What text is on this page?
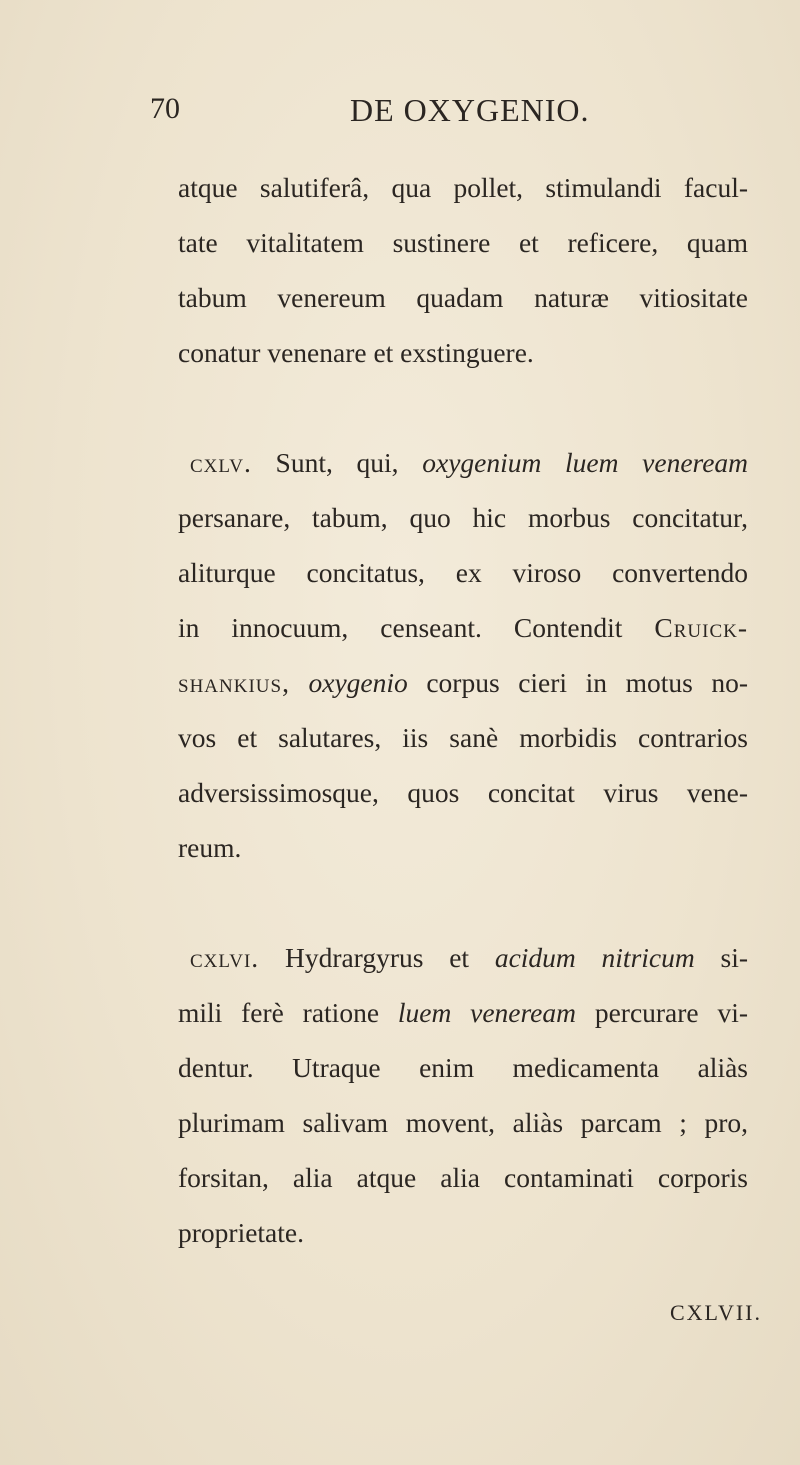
70	DE OXYGENIO.

atque salutiferâ, qua pollet, stimulandi facul-
tate vitalitatem sustinere et reficere, quam
tabum venereum quadam naturæ vitiositate
conatur venenare et exstinguere.

cxlv. Sunt, qui, oxygenium luem veneream
persanare, tabum, quo hic morbus concitatur,
aliturque concitatus, ex viroso convertendo
in innocuum, censeant. Contendit Cruick-
shankius, oxygenio corpus cieri in motus no-
vos et salutares, iis sanè morbidis contrarios
adversissimosque, quos concitat virus vene-
reum.

cxlvi. Hydrargyrus et acidum nitricum si-
mili ferè ratione luem veneream percurare vi-
dentur. Utraque enim medicamenta aliàs
plurimam salivam movent, aliàs parcam ; pro,
forsitan, alia atque alia contaminati corporis
proprietate.

CXLVII.
